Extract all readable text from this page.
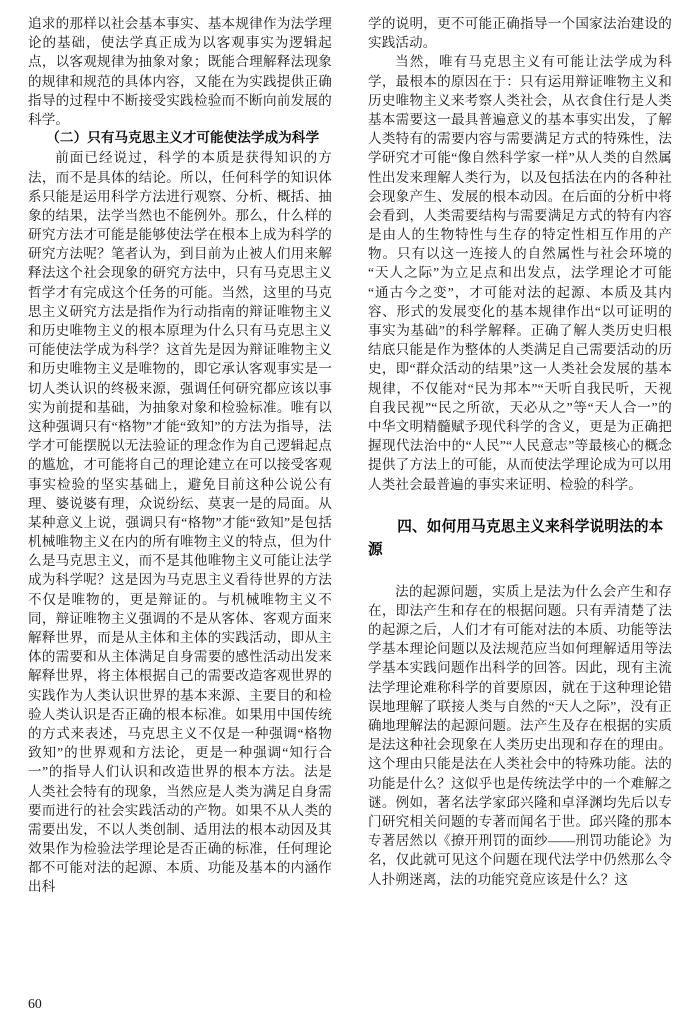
追求的那样以社会基本事实、基本规律作为法学理论的基础，使法学真正成为以客观事实为逻辑起点，以客观规律为抽象对象；既能合理解释法现象的规律和规范的具体内容，又能在为实践提供正确指导的过程中不断接受实践检验而不断向前发展的科学。

（二）只有马克思主义才可能使法学成为科学

前面已经说过，科学的本质是获得知识的方法，而不是具体的结论。所以，任何科学的知识体系只能是运用科学方法进行观察、分析、概括、抽象的结果，法学当然也不能例外。那么，什么样的研究方法才可能是能够使法学在根本上成为科学的研究方法呢？笔者认为，到目前为止被人们用来解释法这个社会现象的研究方法中，只有马克思主义哲学才有完成这个任务的可能。当然，这里的马克思主义研究方法是指作为行动指南的辩证唯物主义和历史唯物主义的根本原理为什么只有马克思主义可能使法学成为科学？这首先是因为辩证唯物主义和历史唯物主义是唯物的，即它承认客观事实是一切人类认识的终极来源，强调任何研究都应该以事实为前提和基础，为抽象对象和检验标准。唯有以这种强调只有“格物”才能“致知”的方法为指导，法学才可能摆脱以无法验证的理念作为自己逻辑起点的尴尬，才可能将自己的理论建立在可以接受客观事实检验的坚实基础上，避免目前这种公说公有理、婆说婆有理，众说纷纭、莫衷一是的局面。从某种意义上说，强调只有“格物”才能“致知”是包括机械唯物主义在内的所有唯物主义的特点，但为什么是马克思主义，而不是其他唯物主义可能让法学成为科学呢？这是因为马克思主义看待世界的方法不仅是唯物的，更是辩证的。与机械唯物主义不同，辩证唯物主义强调的不是从客体、客观方面来解释世界，而是从主体和主体的实践活动，即从主体的需要和从主体满足自身需要的感性活动出发来解释世界，将主体根据自己的需要改造客观世界的实践作为人类认识世界的基本来源、主要目的和检验人类认识是否正确的根本标准。如果用中国传统的方式来表述，马克思主义不仅是一种强调“格物致知”的世界观和方法论，更是一种强调“知行合一”的指导人们认识和改造世界的根本方法。法是人类社会特有的现象，当然应是人类为满足自身需要而进行的社会实践活动的产物。如果不从人类的需要出发，不以人类创制、适用法的根本动因及其效果作为检验法学理论是否正确的标准，任何理论都不可能对法的起源、本质、功能及基本的内涵作出科

学的说明，更不可能正确指导一个国家法治建设的实践活动。

当然，唯有马克思主义有可能让法学成为科学，最根本的原因在于：只有运用辩证唯物主义和历史唯物主义来考察人类社会，从衣食住行是人类基本需要这一最具普遍意义的基本事实出发，了解人类特有的需要内容与需要满足方式的特殊性，法学研究才可能“像自然科学家一样”从人类的自然属性出发来理解人类行为，以及包括法在内的各种社会现象产生、发展的根本动因。在后面的分析中将会看到，人类需要结构与需要满足方式的特有内容是由人的生物特性与生存的特定性相互作用的产物。只有以这一连接人的自然属性与社会环境的“天人之际”为立足点和出发点，法学理论才可能“通古今之变”，才可能对法的起源、本质及其内容、形式的发展变化的基本规律作出“以可证明的事实为基础”的科学解释。正确了解人类历史归根结底只能是作为整体的人类满足自己需要活动的历史，即“群众活动的结果”这一人类社会发展的基本规律，不仅能对“民为邦本”“天听自我民听，天视自我民视”“民之所欲，天必从之”等“天人合一”的中华文明精髓赋予现代科学的含义，更是为正确把握现代法治中的“人民”“人民意志”等最核心的概念提供了方法上的可能，从而使法学理论成为可以用人类社会最普遍的事实来证明、检验的科学。

四、如何用马克思主义来科学说明法的本源

法的起源问题，实质上是法为什么会产生和存在，即法产生和存在的根据问题。只有弄清楚了法的起源之后，人们才有可能对法的本质、功能等法学基本理论问题以及法规范应当如何理解适用等法学基本实践问题作出科学的回答。因此，现有主流法学理论难称科学的首要原因，就在于这种理论错误地理解了联接人类与自然的“天人之际”，没有正确地理解法的起源问题。法产生及存在根据的实质是法这种社会现象在人类历史出现和存在的理由。这个理由只能是法在人类社会中的特殊功能。法的功能是什么？这似乎也是传统法学中的一个难解之谜。例如，著名法学家邱兴隆和卓泽渊均先后以专门研究相关问题的专著而闻名于世。邱兴隆的那本专著居然以《撩开刑罚的面纱——刑罚功能论》为名，仅此就可见这个问题在现代法学中仍然那么令人扑朔迷离，法的功能究竟应该是什么？这

60
